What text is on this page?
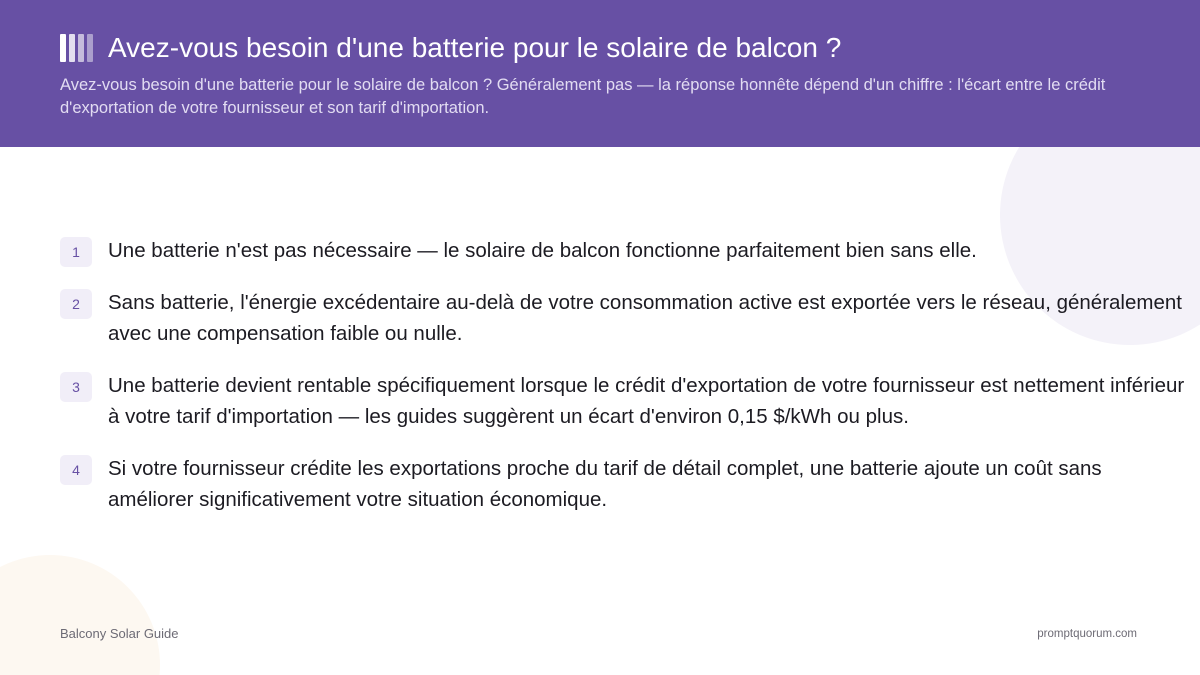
Avez-vous besoin d'une batterie pour le solaire de balcon ?

Avez-vous besoin d'une batterie pour le solaire de balcon ? Généralement pas — la réponse honnête dépend d'un chiffre : l'écart entre le crédit d'exportation de votre fournisseur et son tarif d'importation.

1	Une batterie n'est pas nécessaire — le solaire de balcon fonctionne parfaitement bien sans elle.

2	Sans batterie, l'énergie excédentaire au-delà de votre consommation active est exportée vers le réseau, généralement avec une compensation faible ou nulle.

3	Une batterie devient rentable spécifiquement lorsque le crédit d'exportation de votre fournisseur est nettement inférieur à votre tarif d'importation — les guides suggèrent un écart d'environ 0,15 $/kWh ou plus.

4	Si votre fournisseur crédite les exportations proche du tarif de détail complet, une batterie ajoute un coût sans améliorer significativement votre situation économique.

Balcony Solar Guide	promptquorum.com
